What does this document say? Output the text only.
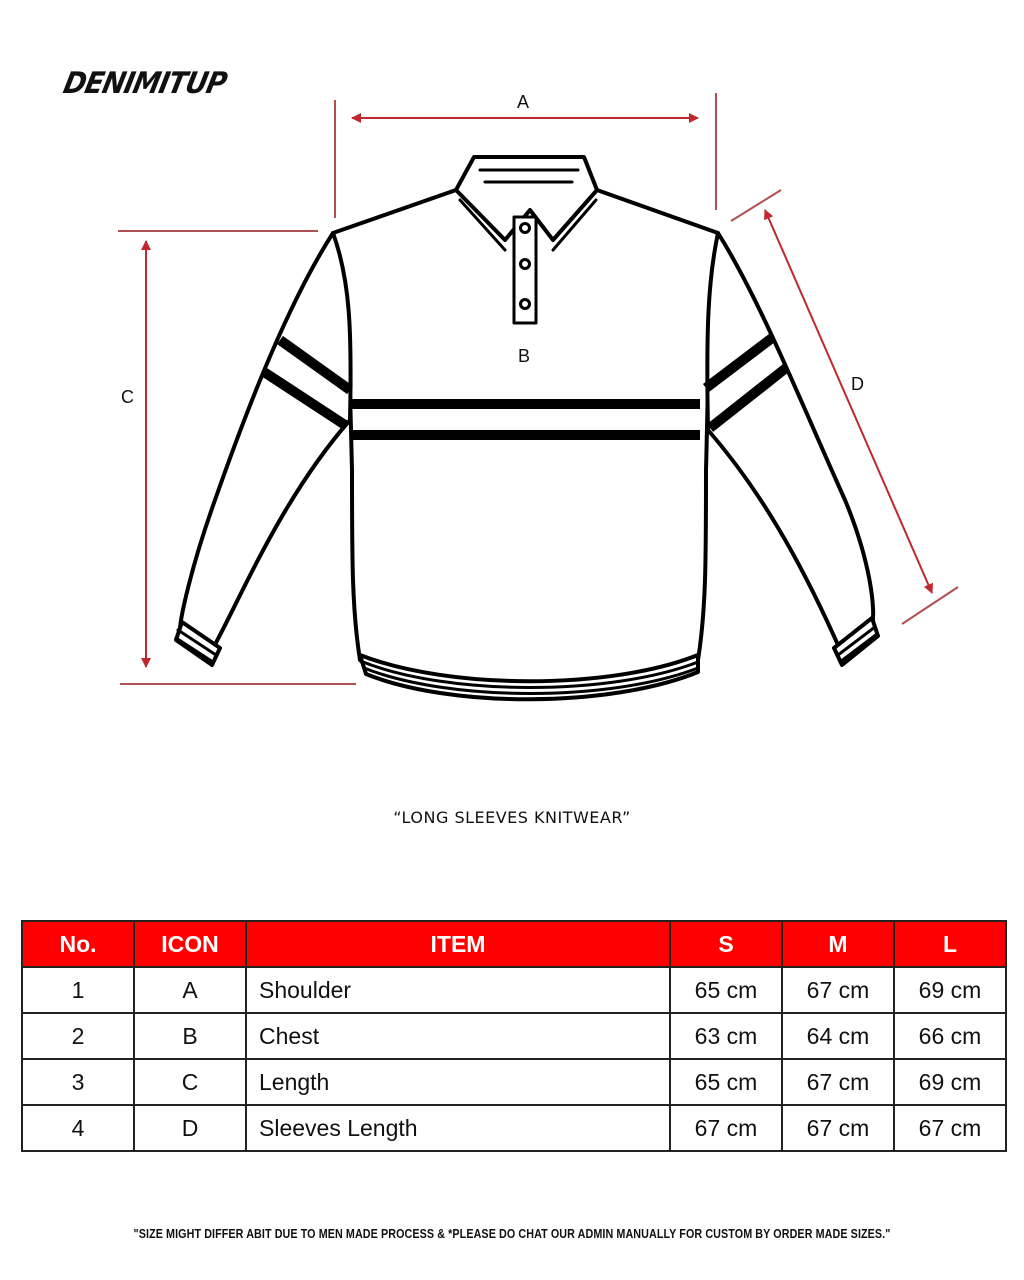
DENIMITUP
A
B
C
D
“LONG SLEEVES KNITWEAR”
No.	ICON	ITEM	S	M	L
1	A	Shoulder	65 cm	67 cm	69 cm
2	B	Chest	63 cm	64 cm	66 cm
3	C	Length	65 cm	67 cm	69 cm
4	D	Sleeves Length	67 cm	67 cm	67 cm
"SIZE MIGHT DIFFER ABIT DUE TO MEN MADE PROCESS & *PLEASE DO CHAT OUR ADMIN MANUALLY FOR CUSTOM BY ORDER MADE SIZES."
